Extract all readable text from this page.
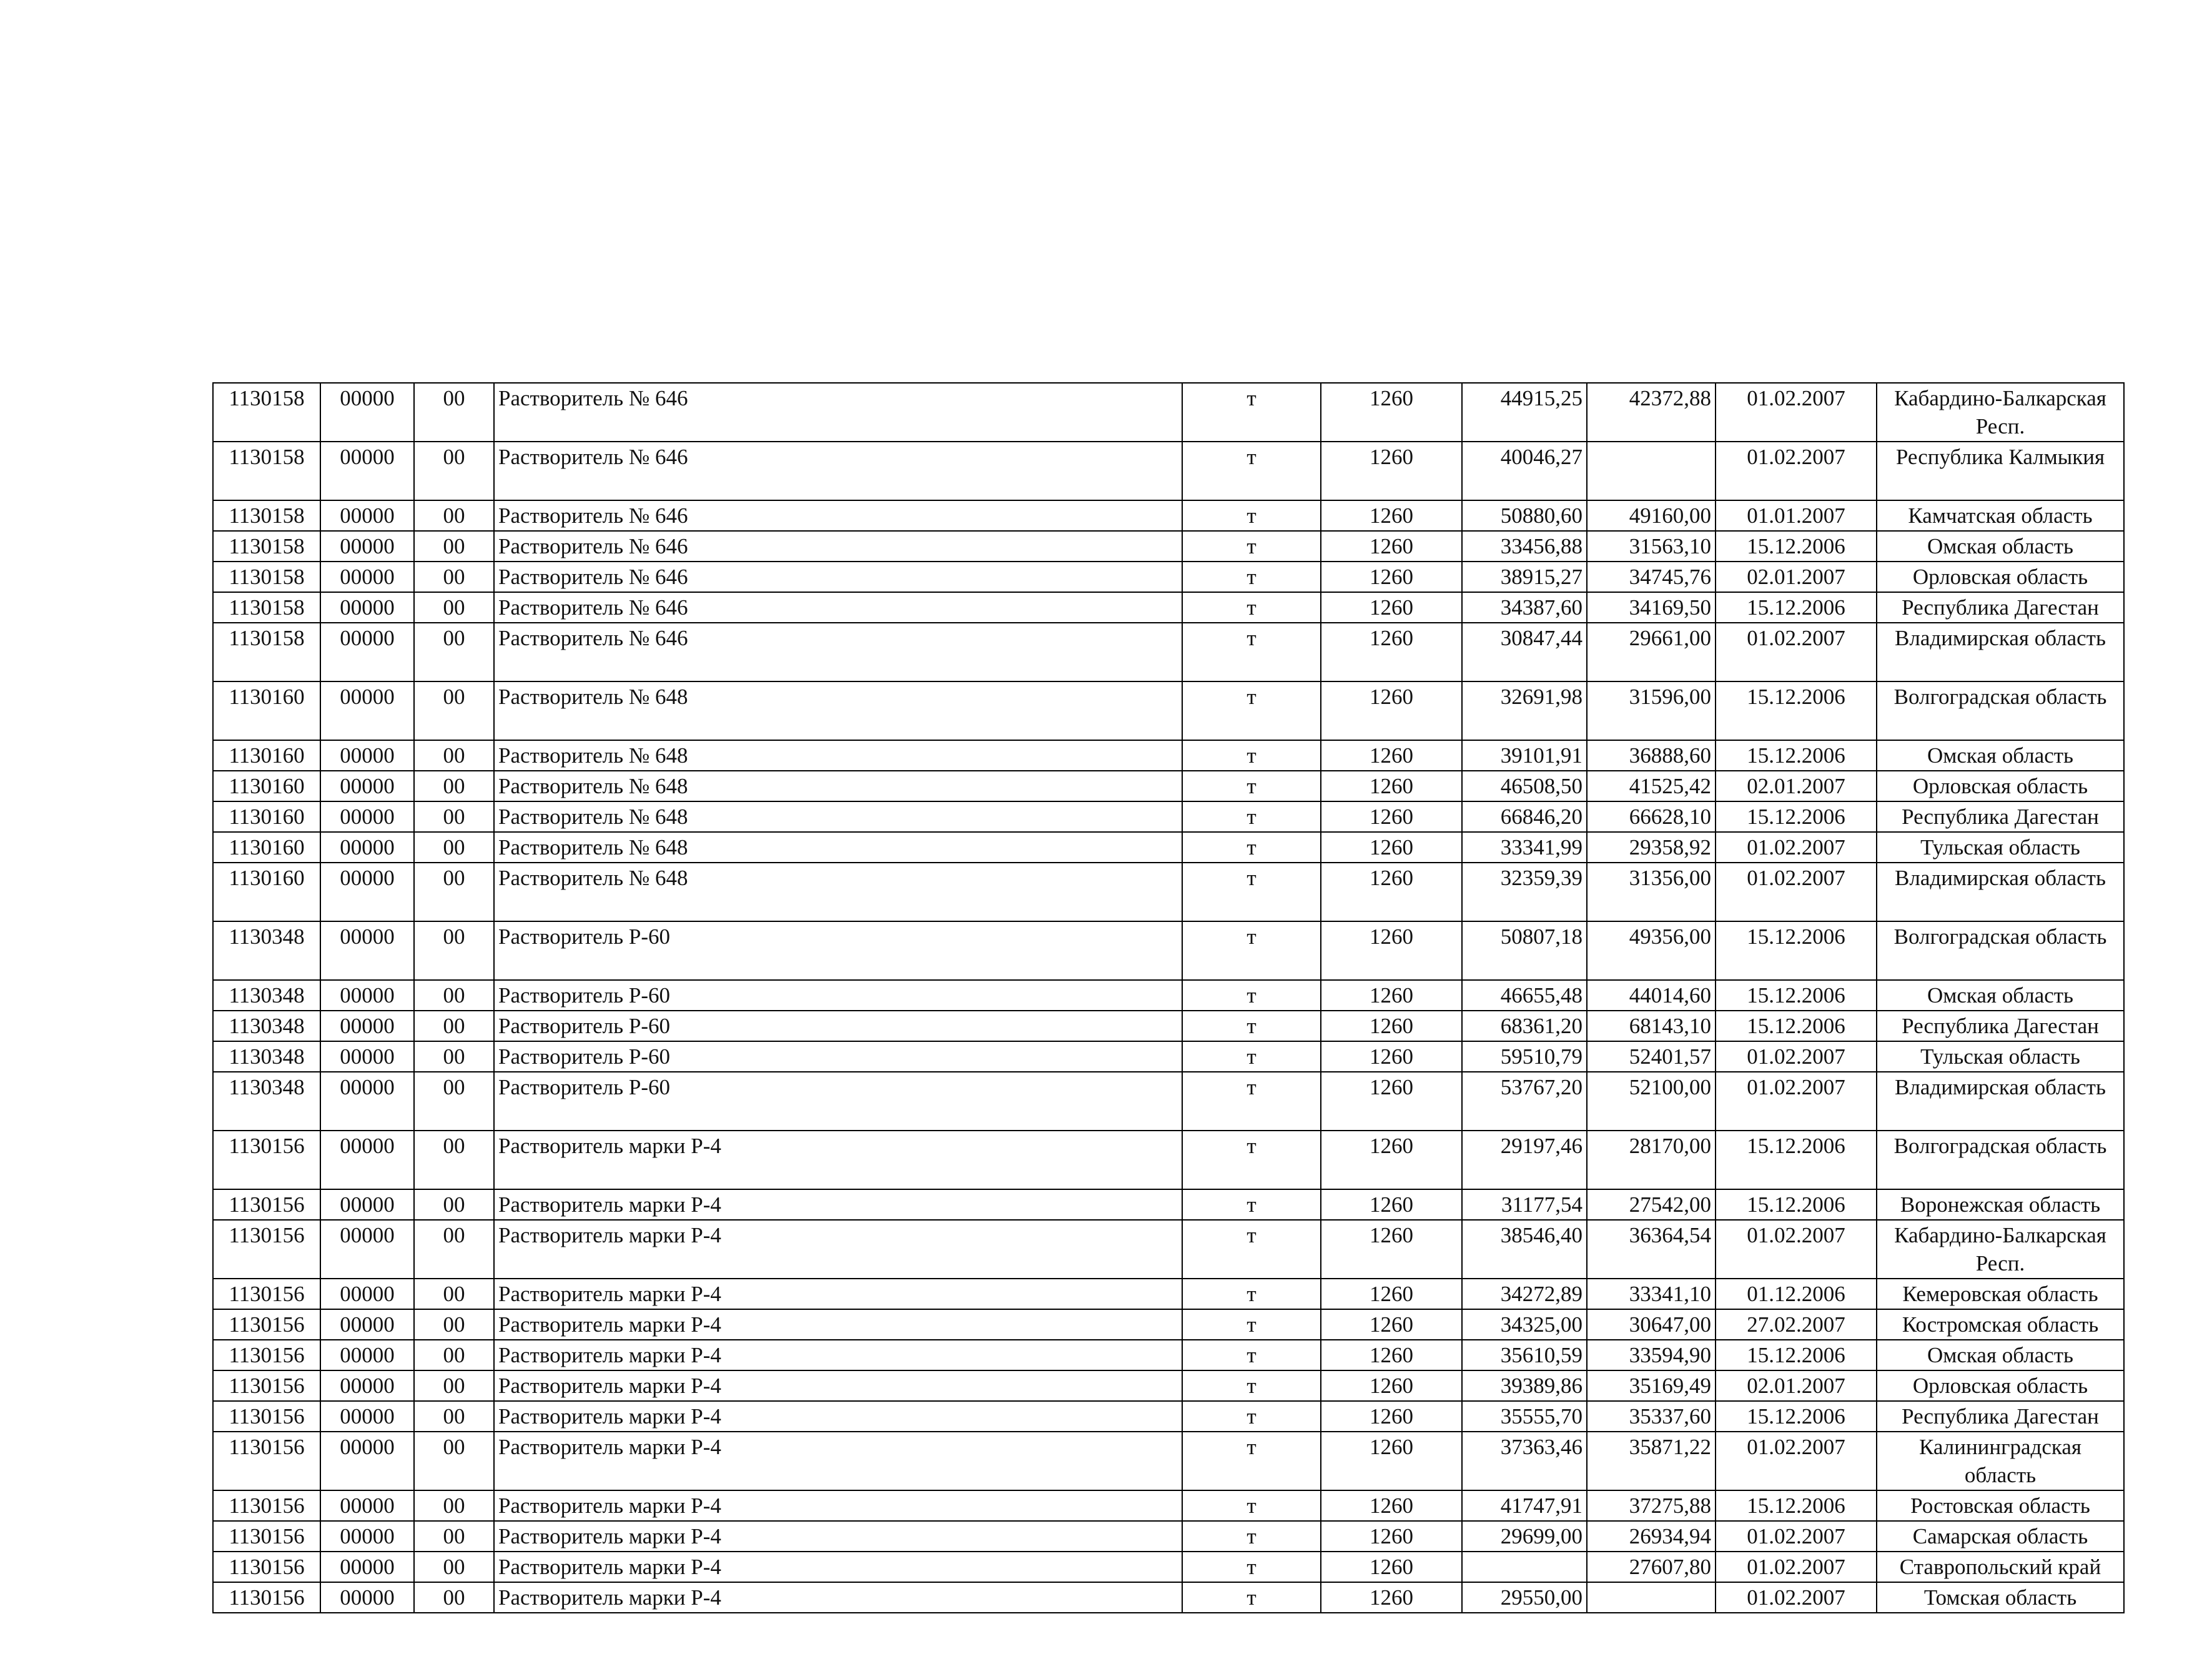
1130158	00000	00	Растворитель № 646	т	1260	44915,25	42372,88	01.02.2007	Кабардино-Балкарская Респ.
1130158	00000	00	Растворитель № 646	т	1260	40046,27		01.02.2007	Республика Калмыкия
1130158	00000	00	Растворитель № 646	т	1260	50880,60	49160,00	01.01.2007	Камчатская область
1130158	00000	00	Растворитель № 646	т	1260	33456,88	31563,10	15.12.2006	Омская область
1130158	00000	00	Растворитель № 646	т	1260	38915,27	34745,76	02.01.2007	Орловская область
1130158	00000	00	Растворитель № 646	т	1260	34387,60	34169,50	15.12.2006	Республика Дагестан
1130158	00000	00	Растворитель № 646	т	1260	30847,44	29661,00	01.02.2007	Владимирская область
1130160	00000	00	Растворитель № 648	т	1260	32691,98	31596,00	15.12.2006	Волгоградская область
1130160	00000	00	Растворитель № 648	т	1260	39101,91	36888,60	15.12.2006	Омская область
1130160	00000	00	Растворитель № 648	т	1260	46508,50	41525,42	02.01.2007	Орловская область
1130160	00000	00	Растворитель № 648	т	1260	66846,20	66628,10	15.12.2006	Республика Дагестан
1130160	00000	00	Растворитель № 648	т	1260	33341,99	29358,92	01.02.2007	Тульская область
1130160	00000	00	Растворитель № 648	т	1260	32359,39	31356,00	01.02.2007	Владимирская область
1130348	00000	00	Растворитель Р-60	т	1260	50807,18	49356,00	15.12.2006	Волгоградская область
1130348	00000	00	Растворитель Р-60	т	1260	46655,48	44014,60	15.12.2006	Омская область
1130348	00000	00	Растворитель Р-60	т	1260	68361,20	68143,10	15.12.2006	Республика Дагестан
1130348	00000	00	Растворитель Р-60	т	1260	59510,79	52401,57	01.02.2007	Тульская область
1130348	00000	00	Растворитель Р-60	т	1260	53767,20	52100,00	01.02.2007	Владимирская область
1130156	00000	00	Растворитель марки Р-4	т	1260	29197,46	28170,00	15.12.2006	Волгоградская область
1130156	00000	00	Растворитель марки Р-4	т	1260	31177,54	27542,00	15.12.2006	Воронежская область
1130156	00000	00	Растворитель марки Р-4	т	1260	38546,40	36364,54	01.02.2007	Кабардино-Балкарская Респ.
1130156	00000	00	Растворитель марки Р-4	т	1260	34272,89	33341,10	01.12.2006	Кемеровская область
1130156	00000	00	Растворитель марки Р-4	т	1260	34325,00	30647,00	27.02.2007	Костромская область
1130156	00000	00	Растворитель марки Р-4	т	1260	35610,59	33594,90	15.12.2006	Омская область
1130156	00000	00	Растворитель марки Р-4	т	1260	39389,86	35169,49	02.01.2007	Орловская область
1130156	00000	00	Растворитель марки Р-4	т	1260	35555,70	35337,60	15.12.2006	Республика Дагестан
1130156	00000	00	Растворитель марки Р-4	т	1260	37363,46	35871,22	01.02.2007	Калининградская область
1130156	00000	00	Растворитель марки Р-4	т	1260	41747,91	37275,88	15.12.2006	Ростовская область
1130156	00000	00	Растворитель марки Р-4	т	1260	29699,00	26934,94	01.02.2007	Самарская область
1130156	00000	00	Растворитель марки Р-4	т	1260		27607,80	01.02.2007	Ставропольский край
1130156	00000	00	Растворитель марки Р-4	т	1260	29550,00		01.02.2007	Томская область
